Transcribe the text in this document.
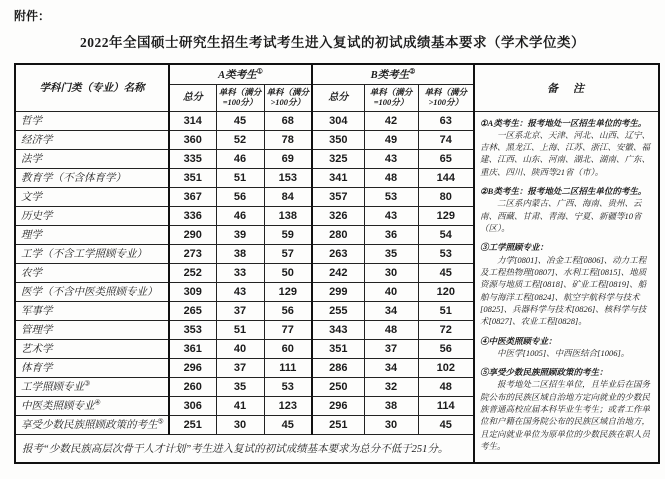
附件：
2022年全国硕士研究生招生考试考生进入复试的初试成绩基本要求（学术学位类）
学科门类（专业）名称	A类考生①			B类考生②			备　注
	总分	单科（满分=100分）	单科（满分>100分）	总分	单科（满分=100分）	单科（满分>100分）	
哲学	314	45	68	304	42	63	①A类考生：报考地处一区招生单位的考生。

一区系北京、天津、河北、山西、辽宁、吉林、黑龙江、上海、江苏、浙江、安徽、福建、江西、山东、河南、湖北、湖南、广东、重庆、四川、陕西等21省（市）。

②B类考生：报考地处二区招生单位的考生。

二区系内蒙古、广西、海南、贵州、云南、西藏、甘肃、青海、宁夏、新疆等10省（区）。

③工学照顾专业：

力学[0801]、冶金工程[0806]、动力工程及工程热物理[0807]、水利工程[0815]、地质资源与地质工程[0818]、矿业工程[0819]、船舶与海洋工程[0824]、航空宇航科学与技术[0825]、兵器科学与技术[0826]、核科学与技术[0827]、农业工程[0828]。

④中医类照顾专业：

中医学[1005]、中西医结合[1006]。

⑤享受少数民族照顾政策的考生：

报考地处二区招生单位，且毕业后在国务院公布的民族区域自治地方定向就业的少数民族普通高校应届本科毕业生考生；或者工作单位和户籍在国务院公布的民族区域自治地方，且定向就业单位为原单位的少数民族在职人员考生。

经济学	360	52	78	350	49	74	
法学	335	46	69	325	43	65	
教育学（不含体育学）	351	51	153	341	48	144	
文学	367	56	84	357	53	80	
历史学	336	46	138	326	43	129	
理学	290	39	59	280	36	54	
工学（不含工学照顾专业）	273	38	57	263	35	53	
农学	252	33	50	242	30	45	
医学（不含中医类照顾专业）	309	43	129	299	40	120	
军事学	265	37	56	255	34	51	
管理学	353	51	77	343	48	72	
艺术学	361	40	60	351	37	56	
体育学	296	37	111	286	34	102	
工学照顾专业③	260	35	53	250	32	48	
中医类照顾专业④	306	41	123	296	38	114	
享受少数民族照顾政策的考生⑤	251	30	45	251	30	45	
报考“少数民族高层次骨干人才计划”考生进入复试的初试成绩基本要求为总分不低于251分。							
